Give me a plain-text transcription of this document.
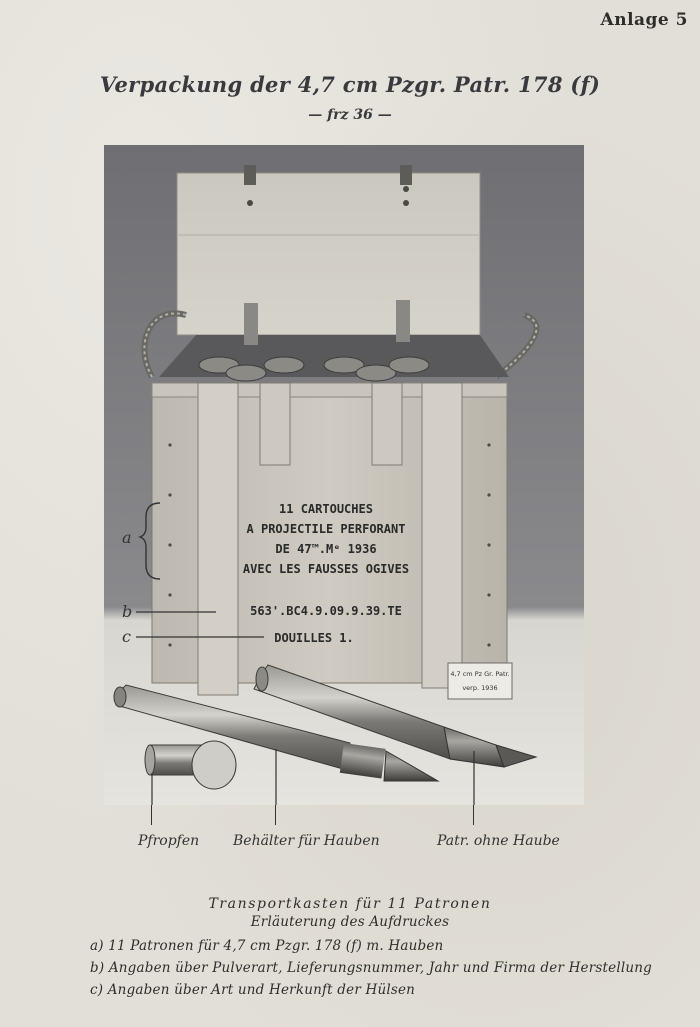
Anlage 5
Verpackung der 4,7 cm Pzgr. Patr. 178 (f)
— frz 36 —
11 CARTOUCHES
A PROJECTILE PERFORANT
DE 47™.Mᵉ 1936
AVEC LES FAUSSES OGIVES
563'.BC4.9.09.9.39.TE
DOUILLES 1.
a
b
c
4,7 cm Pz Gr. Patr.
verp. 1936
Pfropfen Behälter für Hauben	Patr. ohne Haube
Transportkasten für 11 Patronen
Erläuterung des Aufdruckes
a) 11 Patronen für 4,7 cm Pzgr. 178 (f) m. Hauben
b) Angaben über Pulverart, Lieferungsnummer, Jahr und Firma der Herstellung
c) Angaben über Art und Herkunft der Hülsen
